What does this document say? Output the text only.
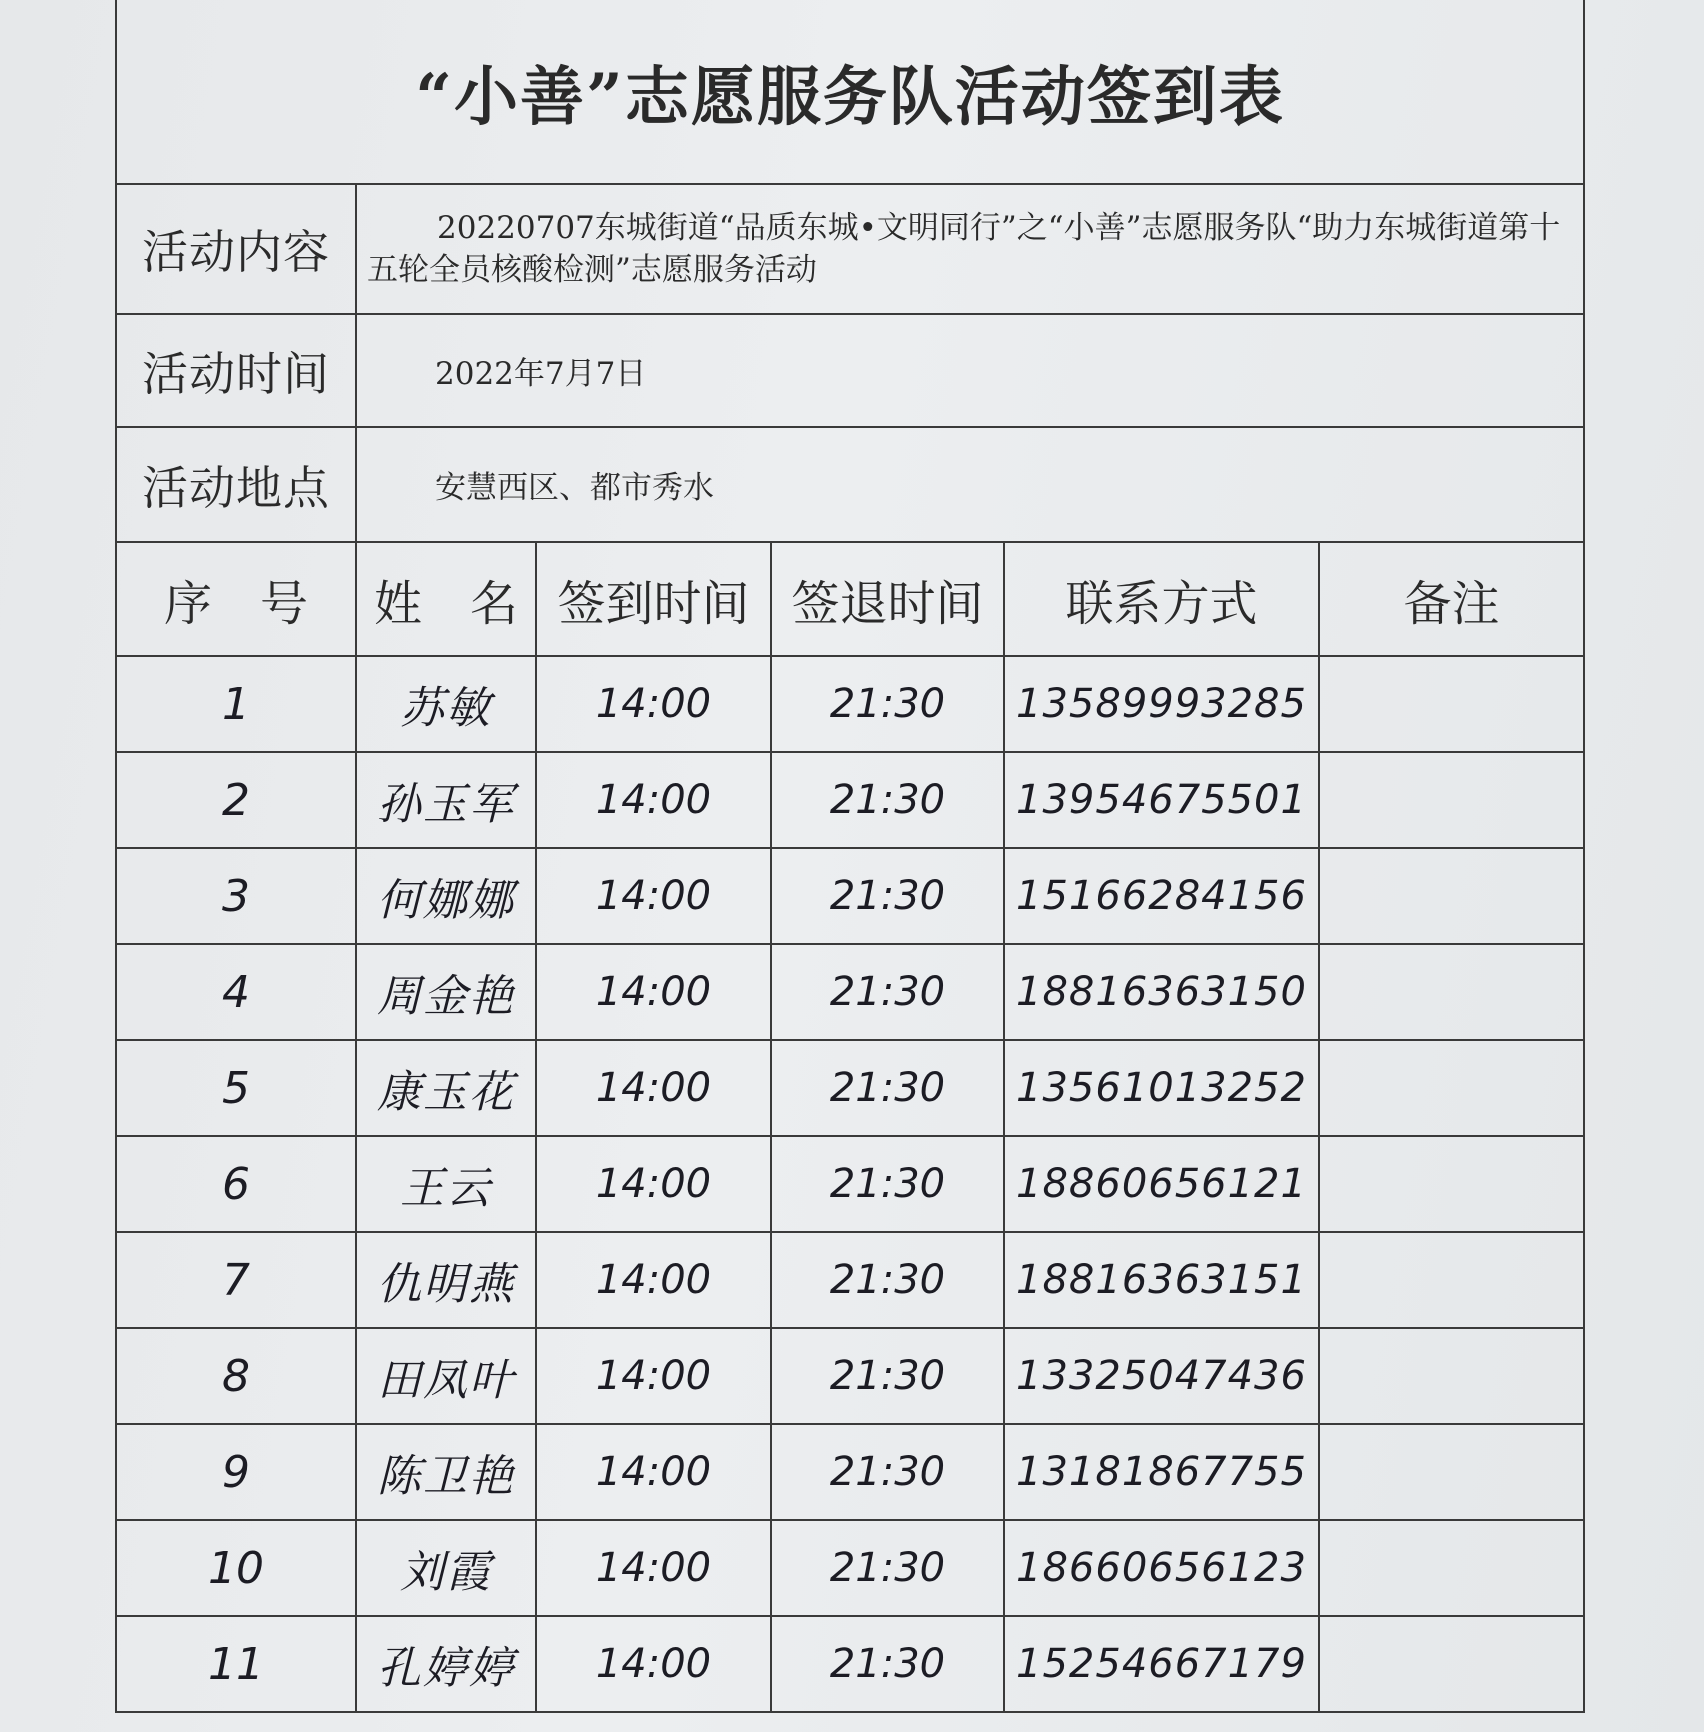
“小善”志愿服务队活动签到表					
活动内容	20220707东城街道“品质东城•文明同行”之“小善”志愿服务队“助力东城街道第十五轮全员核酸检测”志愿服务活动				
活动时间	2022年7月7日				
活动地点	安慧西区、都市秀水				
序　号	姓　名	签到时间	签退时间	联系方式	备注
1	苏敏	14:00	21:30	13589993285	
2	孙玉军	14:00	21:30	13954675501	
3	何娜娜	14:00	21:30	15166284156	
4	周金艳	14:00	21:30	18816363150	
5	康玉花	14:00	21:30	13561013252	
6	王云	14:00	21:30	18860656121	
7	仇明燕	14:00	21:30	18816363151	
8	田凤叶	14:00	21:30	13325047436	
9	陈卫艳	14:00	21:30	13181867755	
10	刘霞	14:00	21:30	18660656123	
11	孔婷婷	14:00	21:30	15254667179	
